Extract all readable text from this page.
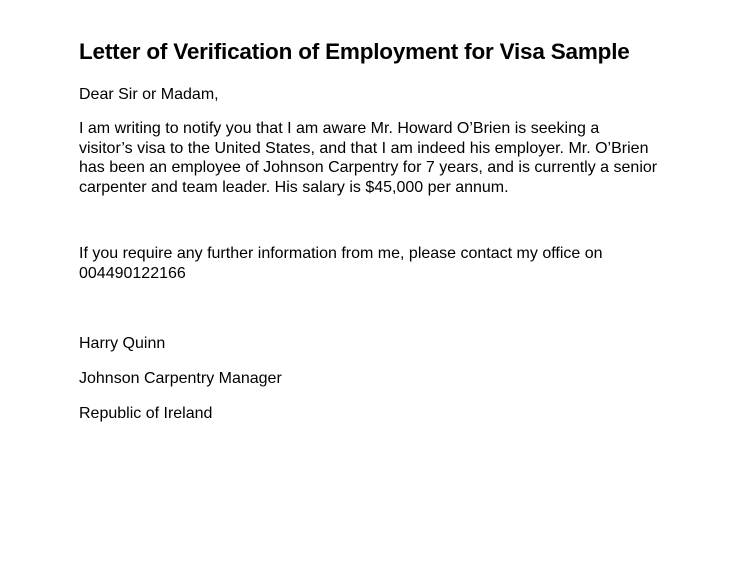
Letter of Verification of Employment for Visa Sample

Dear Sir or Madam,

I am writing to notify you that I am aware Mr. Howard O’Brien is seeking a
visitor’s visa to the United States, and that I am indeed his employer. Mr. O’Brien
has been an employee of Johnson Carpentry for 7 years, and is currently a senior
carpenter and team leader. His salary is $45,000 per annum.

If you require any further information from me, please contact my office on
004490122166

Harry Quinn

Johnson Carpentry Manager

Republic of Ireland
